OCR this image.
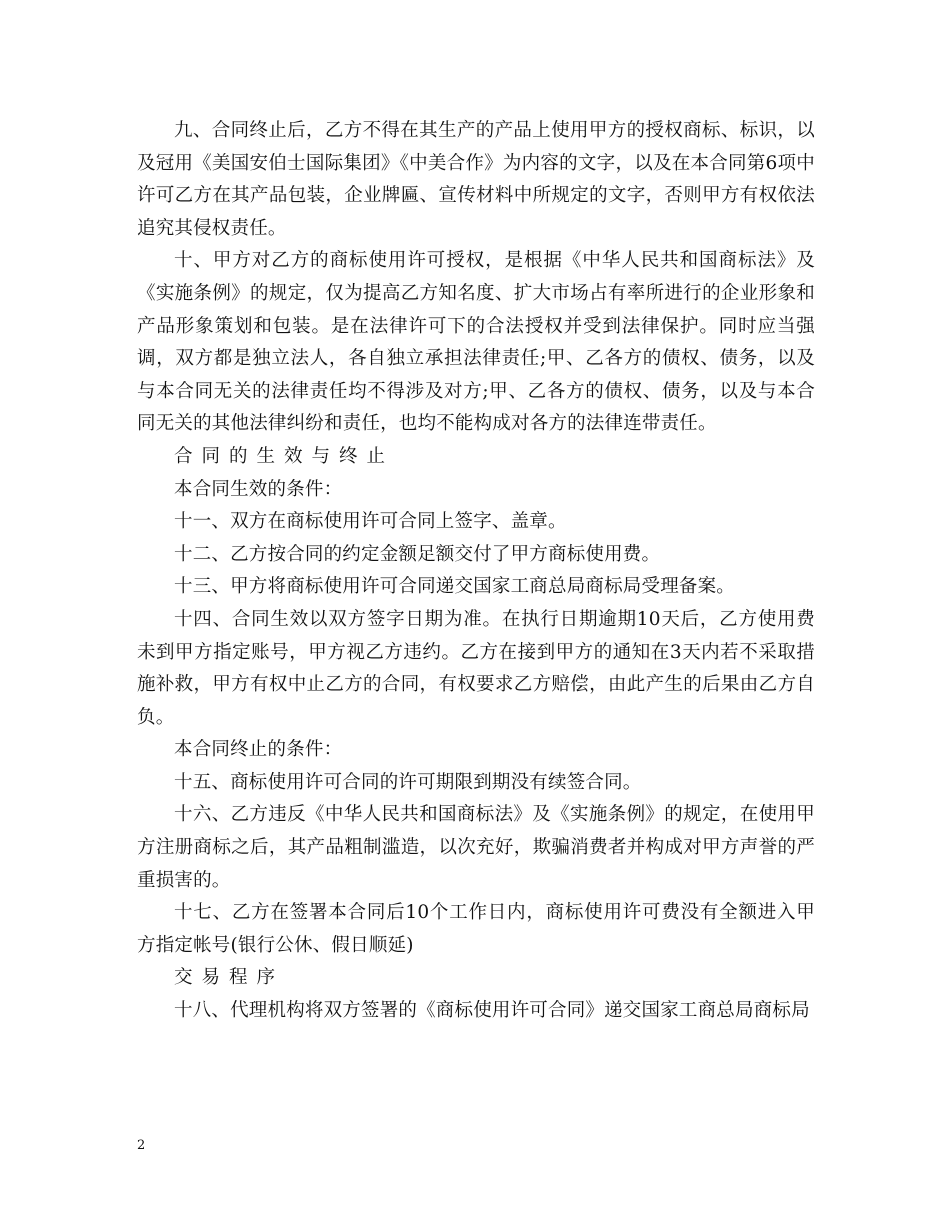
九、合同终止后，乙方不得在其生产的产品上使用甲方的授权商标、标识，以及冠用《美国安伯士国际集团》《中美合作》为内容的文字，以及在本合同第6项中许可乙方在其产品包装，企业牌匾、宣传材料中所规定的文字，否则甲方有权依法追究其侵权责任。

十、甲方对乙方的商标使用许可授权，是根据《中华人民共和国商标法》及《实施条例》的规定，仅为提高乙方知名度、扩大市场占有率所进行的企业形象和产品形象策划和包装。是在法律许可下的合法授权并受到法律保护。同时应当强调，双方都是独立法人，各自独立承担法律责任;甲、乙各方的债权、债务，以及与本合同无关的法律责任均不得涉及对方;甲、乙各方的债权、债务，以及与本合同无关的其他法律纠纷和责任，也均不能构成对各方的法律连带责任。

合同的生效与终止

本合同生效的条件：

十一、双方在商标使用许可合同上签字、盖章。

十二、乙方按合同的约定金额足额交付了甲方商标使用费。

十三、甲方将商标使用许可合同递交国家工商总局商标局受理备案。

十四、合同生效以双方签字日期为准。在执行日期逾期10天后，乙方使用费未到甲方指定账号，甲方视乙方违约。乙方在接到甲方的通知在3天内若不采取措施补救，甲方有权中止乙方的合同，有权要求乙方赔偿，由此产生的后果由乙方自负。

本合同终止的条件：

十五、商标使用许可合同的许可期限到期没有续签合同。

十六、乙方违反《中华人民共和国商标法》及《实施条例》的规定，在使用甲方注册商标之后，其产品粗制滥造，以次充好，欺骗消费者并构成对甲方声誉的严重损害的。

十七、乙方在签署本合同后10个工作日内，商标使用许可费没有全额进入甲方指定帐号(银行公休、假日顺延)

交易程序

十八、代理机构将双方签署的《商标使用许可合同》递交国家工商总局商标局

2
